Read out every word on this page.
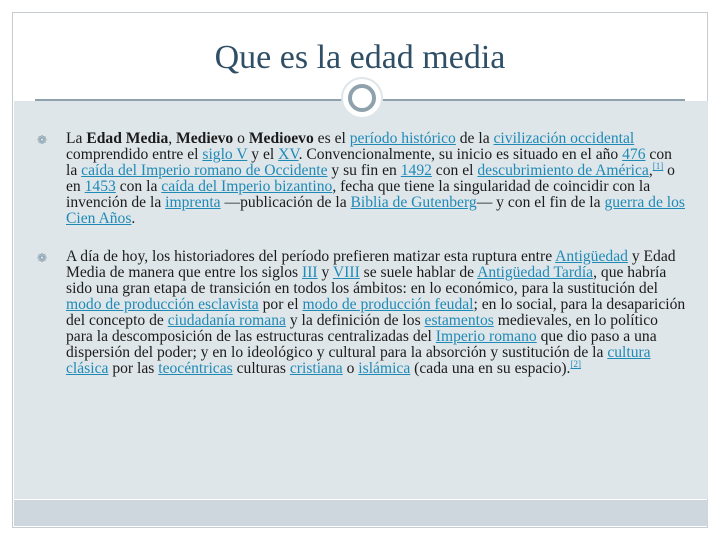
Que es la edad media

❁ La Edad Media, Medievo o Medioevo es el período histórico de la civilización occidental comprendido entre el siglo V y el XV. Convencionalmente, su inicio es situado en el año 476 con la caída del Imperio romano de Occidente y su fin en 1492 con el descubrimiento de América,[1] o en 1453 con la caída del Imperio bizantino, fecha que tiene la singularidad de coincidir con la invención de la imprenta —publicación de la Biblia de Gutenberg— y con el fin de la guerra de los Cien Años.

❁ A día de hoy, los historiadores del período prefieren matizar esta ruptura entre Antigüedad y Edad Media de manera que entre los siglos III y VIII se suele hablar de Antigüedad Tardía, que habría sido una gran etapa de transición en todos los ámbitos: en lo económico, para la sustitución del modo de producción esclavista por el modo de producción feudal; en lo social, para la desaparición del concepto de ciudadanía romana y la definición de los estamentos medievales, en lo político para la descomposición de las estructuras centralizadas del Imperio romano que dio paso a una dispersión del poder; y en lo ideológico y cultural para la absorción y sustitución de la cultura clásica por las teocéntricas culturas cristiana o islámica (cada una en su espacio).[2]
